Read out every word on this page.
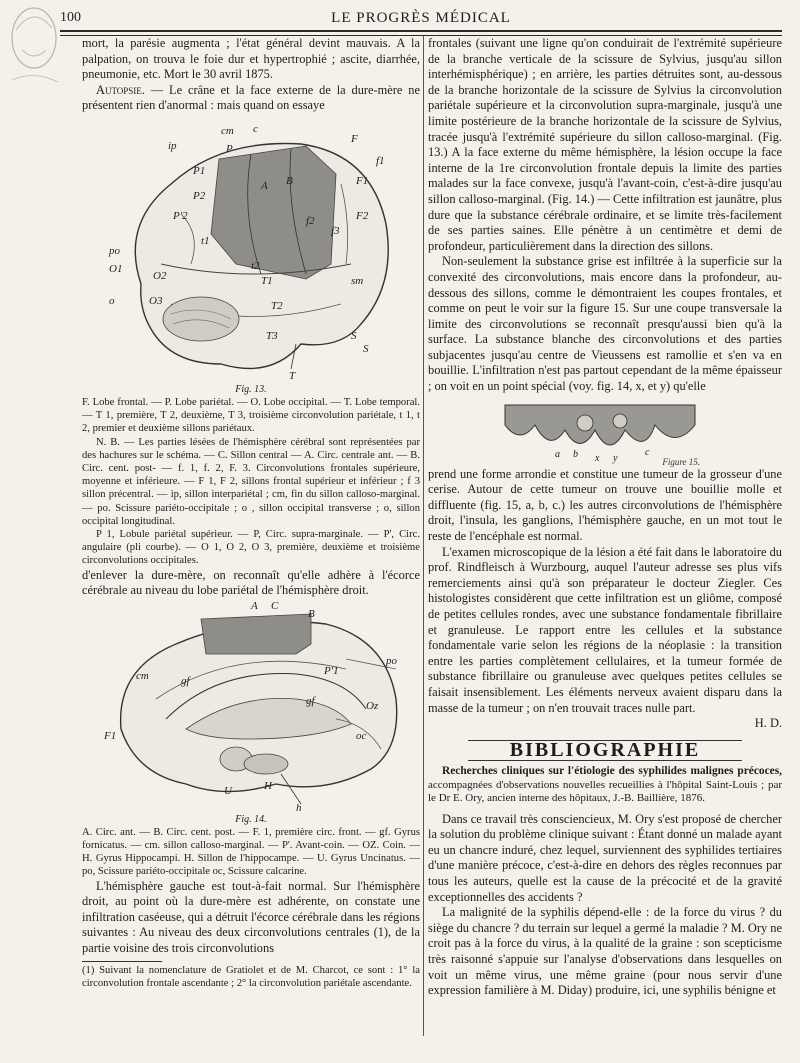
100	LE PROGRÈS MÉDICAL

mort, la parésie augmenta ; l'état général devint mauvais. A la palpation, on trouva le foie dur et hypertrophié ; ascite, diarrhée, pneumonie, etc. Mort le 30 avril 1875.

Autopsie. — Le crâne et la face externe de la dure-mère ne présentent rien d'anormal : mais quand on essaye

cm c
ip	P
F
F1
f1
P1
P2
P'2
A B
F2
po
O1
O2
O3
o
T1
T2
T3
T
sm
f2
t1
t2
f3
S
S

Fig. 13.

F. Lobe frontal. — P. Lobe pariétal. — O. Lobe occipital. — T. Lobe temporal. — T 1, première, T 2, deuxième, T 3, troisième circonvolution pariétale, t 1, t 2, premier et deuxième sillons pariétaux.

N. B. — Les parties lésées de l'hémisphère cérébral sont représentées par des hachures sur le schéma. — C. Sillon central — A. Circ. centrale ant. — B. Circ. cent. post- — f. 1, f. 2, F. 3. Circonvolutions frontales supérieure, moyenne et inférieure. — F 1, F 2, sillons frontal supérieur et inférieur ; f 3 sillon précentral. — ip, sillon interpariétal ; cm, fin du sillon calloso-marginal. — po. Scissure pariéto-occipitale ; o , sillon occipital transverse ; o, sillon occipital longitudinal.

P 1, Lobule pariétal supérieur. — P, Circ. supra-marginale. — P', Circ. angulaire (pli courbe). — O 1, O 2, O 3, première, deuxième et troisième circonvolutions occipitales.

d'enlever la dure-mère, on reconnaît qu'elle adhère à l'écorce cérébrale au niveau du lobe pariétal de l'hémisphère droit.

A C
B
P'1
po
cm	gf
gf
oc
Oz
F1
U	H
h

Fig. 14.

A. Circ. ant. — B. Circ. cent. post. — F. 1, première circ. front. — gf. Gyrus fornicatus. — cm. sillon calloso-marginal. — P'. Avant-coin. — OZ. Coin. — H. Gyrus Hippocampi. H. Sillon de l'hippocampe. — U. Gyrus Uncinatus. — po, Scissure pariéto-occipitale oc, Scissure calcarine.

L'hémisphère gauche est tout-à-fait normal. Sur l'hémisphère droit, au point où la dure-mère est adhérente, on constate une infiltration caséeuse, qui a détruit l'écorce cérébrale dans les régions suivantes : Au niveau des deux circonvolutions centrales (1), de la partie voisine des trois circonvolutions

(1) Suivant la nomenclature de Gratiolet et de M. Charcot, ce sont : 1° la circonvolution frontale ascendante ; 2° la circonvolution pariétale ascendante.

frontales (suivant une ligne qu'on conduirait de l'extrémité supérieure de la branche verticale de la scissure de Sylvius, jusqu'au sillon interhémisphérique) ; en arrière, les parties détruites sont, au-dessous de la branche horizontale de la scissure de Sylvius la circonvolution pariétale supérieure et la circonvolution supra-marginale, jusqu'à une limite postérieure de la branche horizontale de la scissure de Sylvius, tracée jusqu'à l'extrémité supérieure du sillon calloso-marginal. (Fig. 13.) A la face externe du même hémisphère, la lésion occupe la face interne de la 1re circonvolution frontale depuis la limite des parties malades sur la face convexe, jusqu'à l'avant-coin, c'est-à-dire jusqu'au sillon calloso-marginal. (Fig. 14.) — Cette infiltration est jaunâtre, plus dure que la substance cérébrale ordinaire, et se limite très-facilement de ses parties saines. Elle pénètre à un centimètre et demi de profondeur, particulièrement dans la direction des sillons.

Non-seulement la substance grise est infiltrée à la superficie sur la convexité des circonvolutions, mais encore dans la profondeur, au-dessous des sillons, comme le démontraient les coupes frontales, et comme on peut le voir sur la figure 15. Sur une coupe transversale la limite des circonvolutions se reconnaît presqu'aussi bien qu'à la surface. La substance blanche des circonvolutions et des parties subjacentes jusqu'au centre de Vieussens est ramollie et s'en va en bouillie. L'infiltration n'est pas partout cependant de la même épaisseur ; on voit en un point spécial (voy. fig. 14, x, et y) qu'elle

a b x y
c
Figure 15.

prend une forme arrondie et constitue une tumeur de la grosseur d'une cerise. Autour de cette tumeur on trouve une bouillie molle et diffluente (fig. 15, a, b, c.) les autres circonvolutions de l'hémisphère droit, l'insula, les ganglions, l'hémisphère gauche, en un mot tout le reste de l'encéphale est normal.

L'examen microscopique de la lésion a été fait dans le laboratoire du prof. Rindfleisch à Wurzbourg, auquel l'auteur adresse ses plus vifs remerciements ainsi qu'à son préparateur le docteur Ziegler. Ces histologistes considèrent que cette infiltration est un gliôme, composé de petites cellules rondes, avec une substance fondamentale fibrillaire et granuleuse. Le rapport entre les cellules et la substance fondamentale varie selon les régions de la néoplasie : la transition entre les parties complètement cellulaires, et la tumeur formée de substance fibrillaire ou granuleuse avec quelques petites cellules se faisait insensiblement. Les éléments nerveux avaient disparu dans la masse de la tumeur ; on n'en trouvait traces nulle part.

H. D.

BIBLIOGRAPHIE

Recherches cliniques sur l'étiologie des syphilides malignes précoces, accompagnées d'observations nouvelles recueillies à l'hôpital Saint-Louis ; par le Dr E. Ory, ancien interne des hôpitaux, J.-B. Baillière, 1876.

Dans ce travail très consciencieux, M. Ory s'est proposé de chercher la solution du problème clinique suivant : Étant donné un malade ayant eu un chancre induré, chez lequel, surviennent des syphilides tertiaires d'une manière précoce, c'est-à-dire en dehors des règles reconnues par tous les auteurs, quelle est la cause de la précocité et de la gravité exceptionnelles des accidents ?

La malignité de la syphilis dépend-elle : de la force du virus ? du siège du chancre ? du terrain sur lequel a germé la maladie ? M. Ory ne croit pas à la force du virus, à la qualité de la graine : son scepticisme très raisonné s'appuie sur l'analyse d'observations dans lesquelles on voit un même virus, une même graine (pour nous servir d'une expression familière à M. Diday) produire, ici, une syphilis bénigne et
